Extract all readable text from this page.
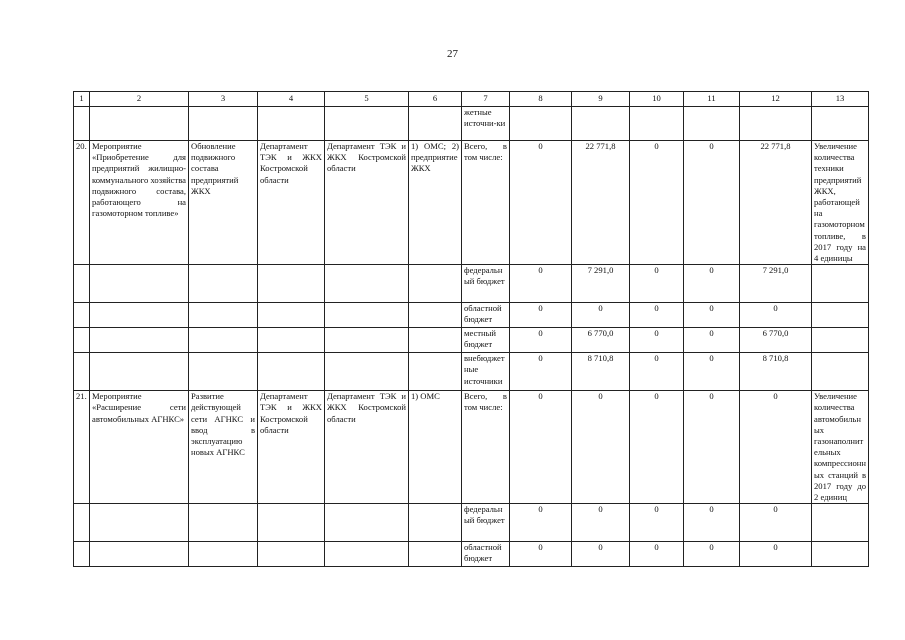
27
1	2	3	4	5	6	7	8	9	10	11	12	13
						жетные источни-ки						
20.	Мероприятие «Приобретение для предприятий жилищно-коммунального хозяйства подвижного состава, работающего на газомоторном топливе»	Обновление подвижного состава предприятий ЖКХ	Департамент ТЭК и ЖКХ Костромской области	Департамент ТЭК и ЖКХ Костромской области	1) ОМС; 2) предприятие ЖКХ	Всего, в том числе:	0	22 771,8	0	0	22 771,8	Увеличение количества техники предприятий ЖКХ, работающей на газомоторном топливе, в 2017 году на 4 единицы
						федеральный бюджет	0	7 291,0	0	0	7 291,0	
						областной бюджет	0	0	0	0	0	
						местный бюджет	0	6 770,0	0	0	6 770,0	
						внебюджетные источники	0	8 710,8	0	0	8 710,8	
21.	Мероприятие «Расширение сети автомобильных АГНКС»	Развитие действующей сети АГНКС и ввод в эксплуатацию новых АГНКС	Департамент ТЭК и ЖКХ Костромской области	Департамент ТЭК и ЖКХ Костромской области	1) ОМС	Всего, в том числе:	0	0	0	0	0	Увеличение количества автомобильных газонаполнительных компрессионных станций в 2017 году до 2 единиц
						федеральный бюджет	0	0	0	0	0	
						областной бюджет	0	0	0	0	0	
